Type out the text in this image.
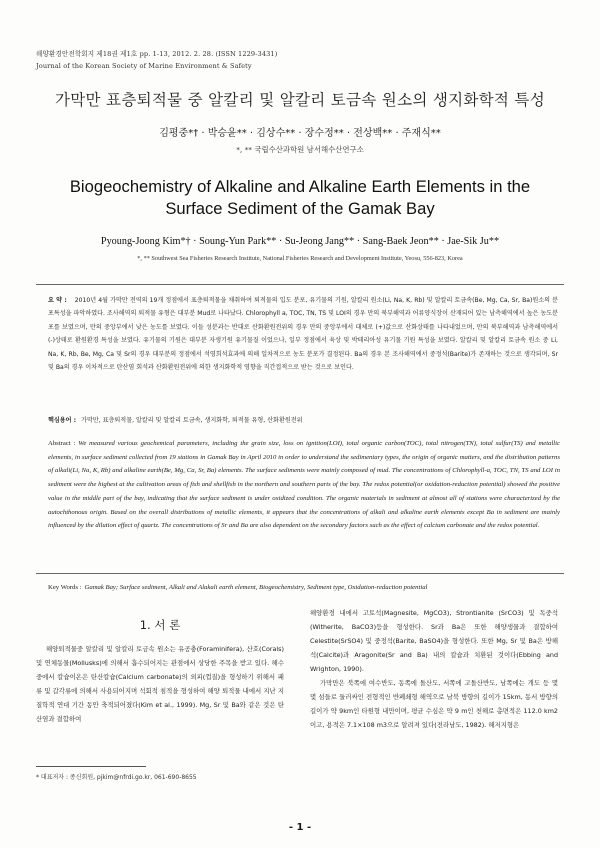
해양환경안전학회지 제18권 제1호 pp. 1-13, 2012. 2. 28. (ISSN 1229-3431)
Journal of the Korean Society of Marine Environment & Safety
가막만 표층퇴적물 중 알칼리 및 알칼리 토금속 원소의 생지화학적 특성
김평중*† · 박승윤** · 김상수** · 장수정** · 전상백** · 주재식**
*, ** 국립수산과학원 남서해수산연구소
Biogeochemistry of Alkaline and Alkaline Earth Elements in the Surface Sediment of the Gamak Bay
Pyoung-Joong Kim*† · Soung-Yun Park** · Su-Jeong Jang** · Sang-Baek Jeon** · Jae-Sik Ju**
*, ** Southwest Sea Fisheries Research Institute, National Fisheries Research and Development Institute, Yeosu, 556-823, Korea
요 약 : 2010년 4월 가막만 전역의 19개 정점에서 표층퇴적물을 채취하여 퇴적물의 입도 분포, 유기물의 기원, 알칼리 원소(Li, Na, K, Rb) 및 알칼리 토금속(Be, Mg, Ca, Sr, Ba)원소의 분포특성을 파악하였다. 조사해역의 퇴적물 유형은 대부분 Mud로 나타났다. Chlorophyll a, TOC, TN, TS 및 LOI의 경우 만의 북부해역과 어류양식장이 산재되어 있는 남측해역에서 높은 농도분포를 보였으며, 만의 중앙부에서 낮은 농도를 보였다. 이들 성분과는 반대로 산화환원전위의 경우 만의 중앙부에서 대체로 (+)값으로 산화상태를 나타내었으며, 만의 북부해역과 남측해역에서 (-)상태로 환원환경 특성을 보였다. 유기물의 기원은 대부분 자생기원 유기물질 이었으나, 일부 정점에서 육상 및 박테리아성 유기물 기원 특성을 보였다. 알칼리 및 알칼리 토금속 원소 중 Li, Na, K, Rb, Be, Mg, Ca 및 Sr의 경우 대부분의 정점에서 석영희석효과에 의해 일차적으로 농도 분포가 결정된다. Ba의 경우 본 조사해역에서 중정석(Barite)가 존재하는 것으로 생각되며, Sr 및 Ba의 경우 이차적으로 탄산염 회석과 산화환원전위에 의한 생지화학적 영향을 직간접적으로 받는 것으로 보인다.
핵심용어 : 가막만, 표층퇴적물, 알칼리 및 알칼리 토금속, 생지화학, 퇴적물 유형, 산화환원전위
Abstract : We measured various geochemical parameters, including the grain size, loss on ignition(LOI), total organic carbon(TOC), total nitrogen(TN), total sulfur(TS) and metallic elements, in surface sediment collected from 19 stations in Gamak Bay in April 2010 in order to understand the sedimentary types, the origin of organic matters, and the distribution patterns of alkali(Li, Na, K, Rb) and alkaline earth(Be, Mg, Ca, Sr, Ba) elements. The surface sediments were mainly composed of mud. The concentrations of Chlorophyll-a, TOC, TN, TS and LOI in sediment were the highest at the cultivation areas of fish and shellfish in the northern and southern parts of the bay. The redox potential(or oxidation-reduction potential) showed the positive value in the middle part of the bay, indicating that the surface sediment is under oxidized condition. The organic materials in sediment at almost all of stations were characterized by the autochthonous origin. Based on the overall distributions of metallic elements, it appears that the concentrations of alkali and alkaline earth elements except Ba in sediment are mainly influenced by the dilution effect of quartz. The concentrations of Sr and Ba are also dependent on the secondary factors such as the effect of calcium carbonate and the redox potential.
Key Words : Gamak Bay; Surface sediment, Alkali and Alakali earth element, Biogeochemistry, Sediment type, Oxidation-reduction potential
1. 서 론

해양퇴적물중 알칼리 및 알칼리 토금속 원소는 유공충(Foraminifera), 산호(Corals) 및 연체동물(Mollusks)에 의해서 흡수되어지는 관점에서 상당한 주목을 받고 있다. 해수 중에서 칼슘이온은 탄산칼슘(Calcium carbonate)의 외피(껍질)을 형성하기 위해서 패류 및 갑각류에 의해서 사용되어지며 석회적 침적을 형성하여 해양 퇴적물 내에서 지난 지질학적 연대 기간 동안 축적되어졌다(Kim et al., 1999). Mg, Sr 및 Ba와 같은 것은 탄산염과 결합하여

해양환경 내에서 고토석(Magnesite, MgCO3), Strontianite (SrCO3) 및 독중석(Witherite, BaCO3)등을 형성한다. Sr과 Ba은 또한 해양생물과 결합하여 Celestite(SrSO4) 및 중정석(Barite, BaSO4)을 형성한다. 또한 Mg, Sr 및 Ba은 방해석(Calcite)과 Aragonite(Sr and Ba) 내의 칼슘과 치환된 것이다(Ebbing and Wrighton, 1990).

가막만은 북쪽에 여수반도, 동쪽에 돌산도, 서쪽에 고돌산반도, 남쪽에는 개도 등 몇 몇 섬들로 둘러싸인 전형적인 반폐쇄형 해역으로 남북 방향의 길이가 15km, 동서 방향의 길이가 약 9km인 타원형 내만이며, 평균 수심은 약 9 m인 천해로 총면적은 112.0 km2이고, 용적은 7.1×108 m3으로 알려져 있다(전라남도, 1982). 해저지형은

* 대표저자 : 종신회원, pjkim@nfrdi.go.kr, 061-690-8655
- 1 -
